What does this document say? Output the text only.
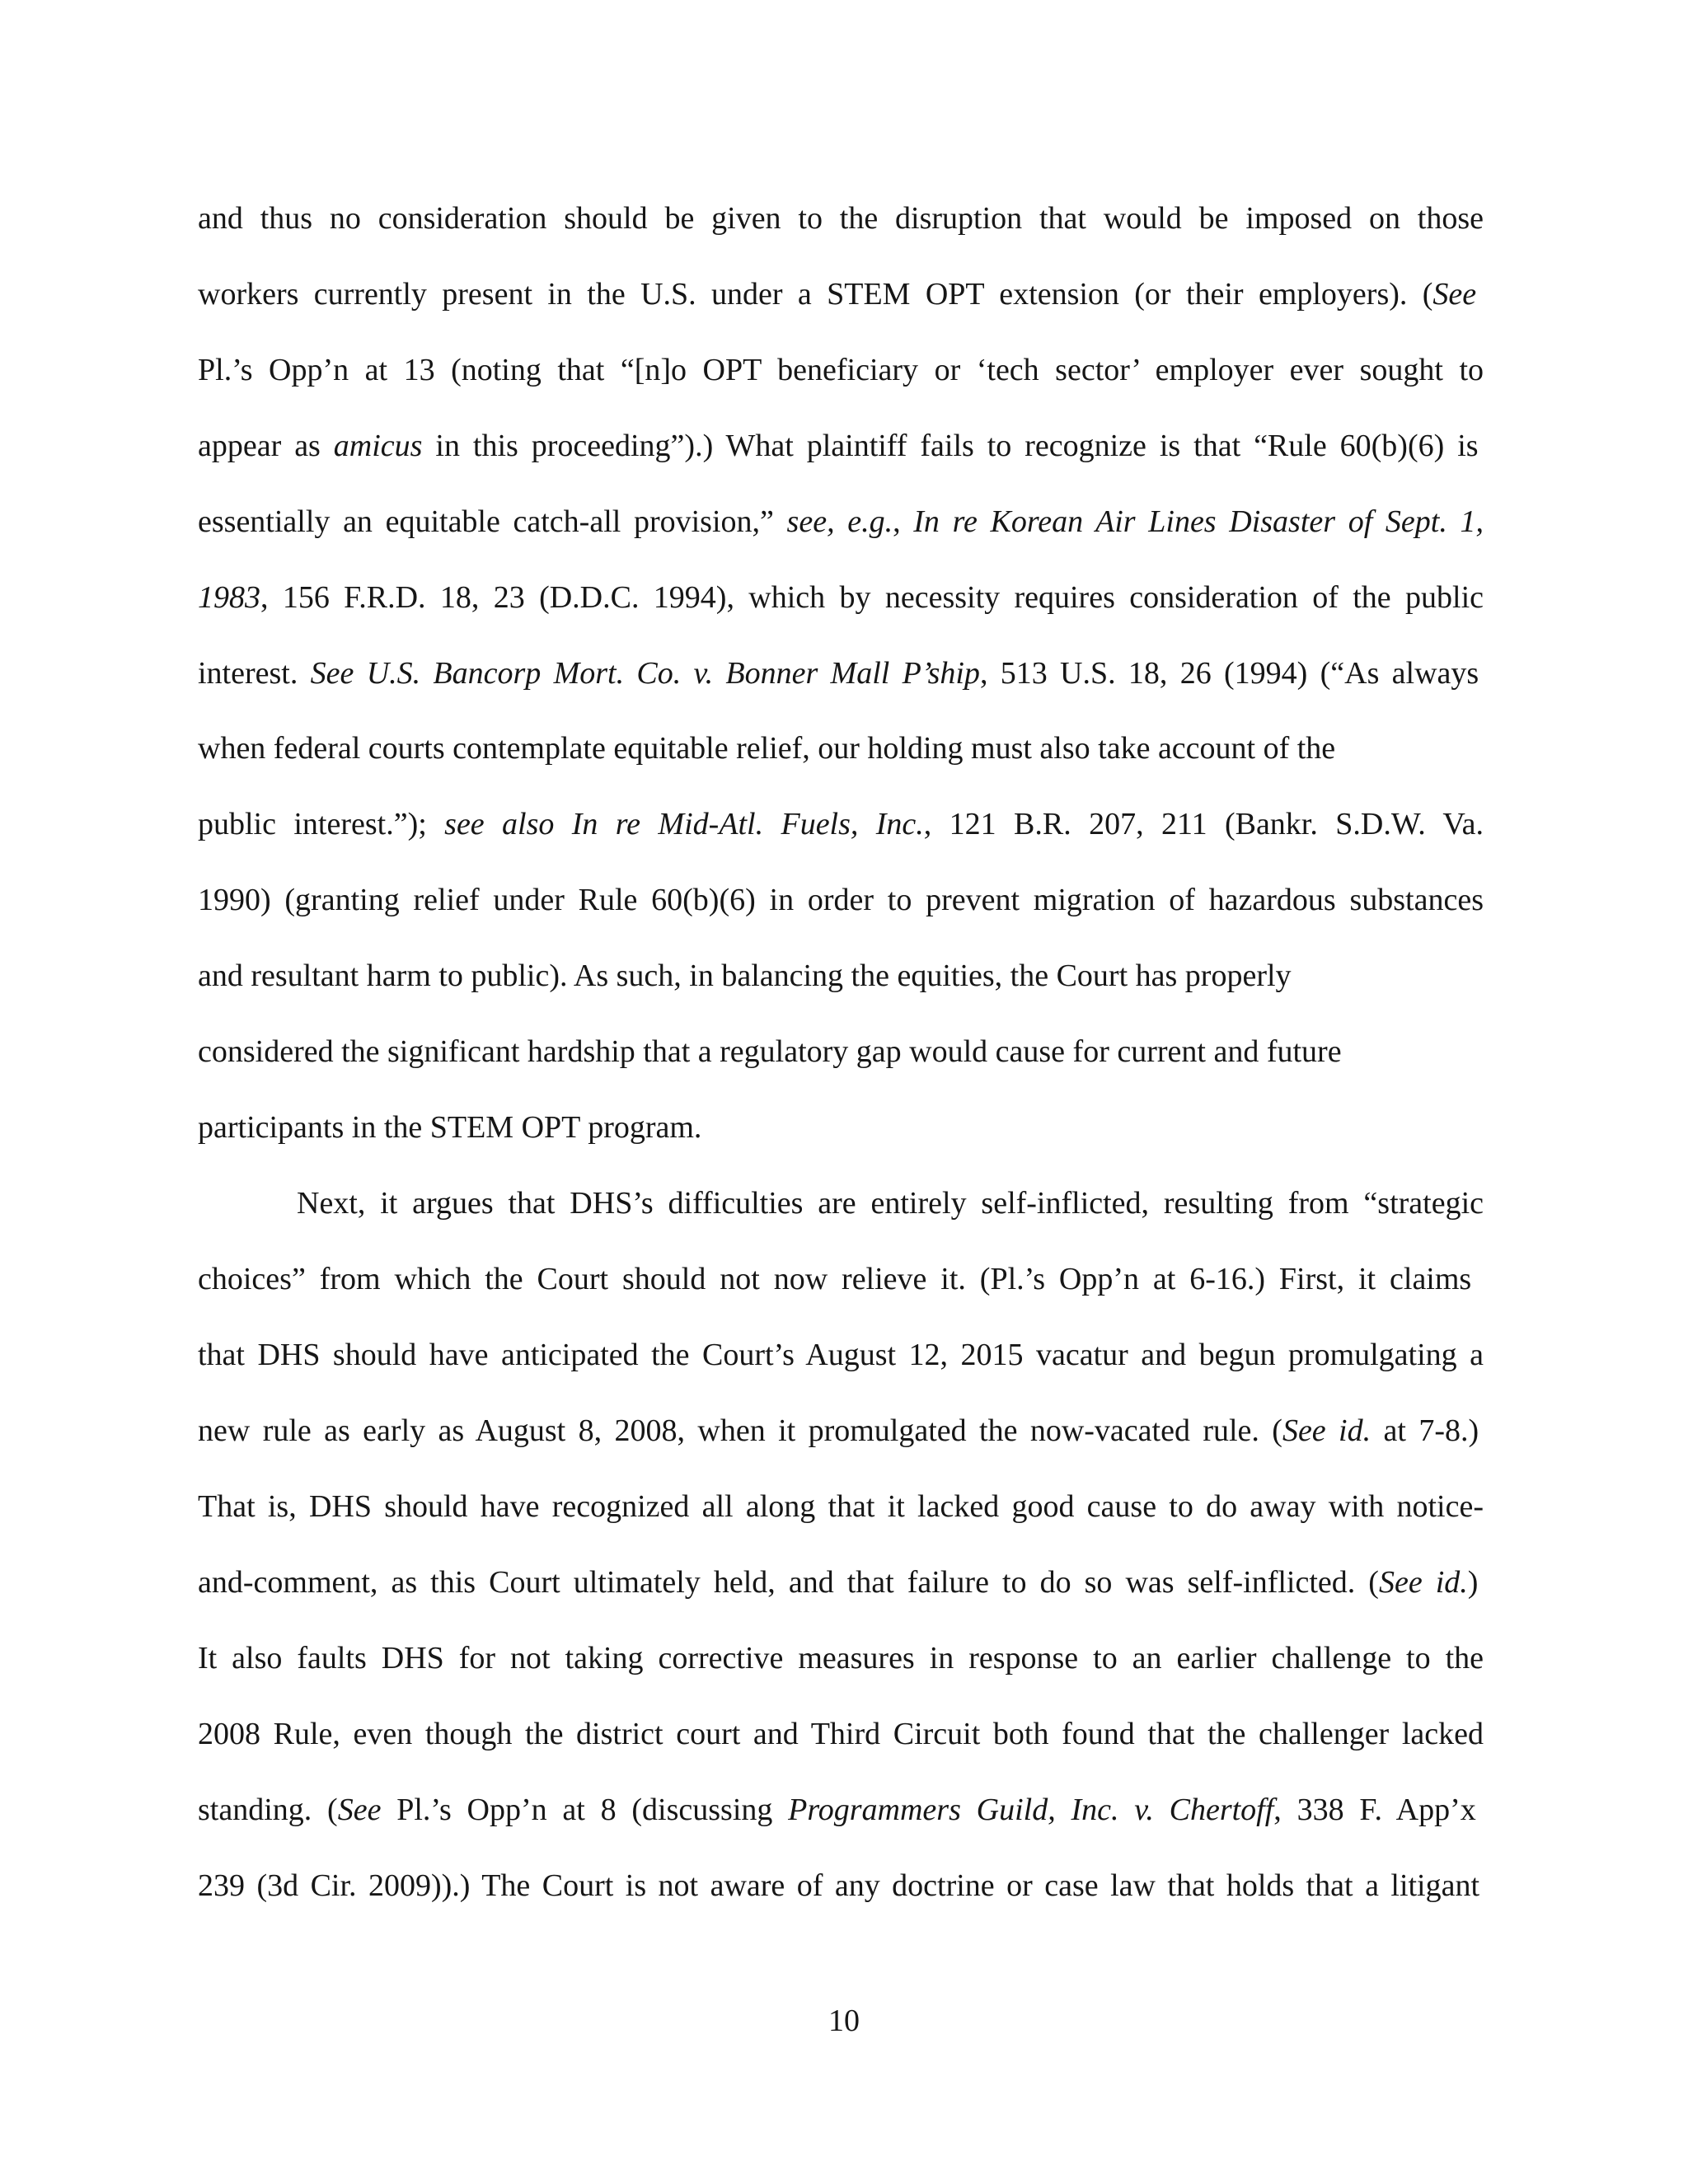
and thus no consideration should be given to the disruption that would be imposed on those
workers currently present in the U.S. under a STEM OPT extension (or their employers). (See
Pl.’s Opp’n at 13 (noting that “[n]o OPT beneficiary or ‘tech sector’ employer ever sought to
appear as amicus in this proceeding”).) What plaintiff fails to recognize is that “Rule 60(b)(6) is
essentially an equitable catch-all provision,” see, e.g., In re Korean Air Lines Disaster of Sept. 1,
1983, 156 F.R.D. 18, 23 (D.D.C. 1994), which by necessity requires consideration of the public
interest. See U.S. Bancorp Mort. Co. v. Bonner Mall P’ship, 513 U.S. 18, 26 (1994) (“As always
when federal courts contemplate equitable relief, our holding must also take account of the
public interest.”); see also In re Mid-Atl. Fuels, Inc., 121 B.R. 207, 211 (Bankr. S.D.W. Va.
1990) (granting relief under Rule 60(b)(6) in order to prevent migration of hazardous substances
and resultant harm to public). As such, in balancing the equities, the Court has properly
considered the significant hardship that a regulatory gap would cause for current and future
participants in the STEM OPT program.
Next, it argues that DHS’s difficulties are entirely self-inflicted, resulting from “strategic
choices” from which the Court should not now relieve it. (Pl.’s Opp’n at 6-16.) First, it claims
that DHS should have anticipated the Court’s August 12, 2015 vacatur and begun promulgating a
new rule as early as August 8, 2008, when it promulgated the now-vacated rule. (See id. at 7-8.)
That is, DHS should have recognized all along that it lacked good cause to do away with notice-
and-comment, as this Court ultimately held, and that failure to do so was self-inflicted. (See id.)
It also faults DHS for not taking corrective measures in response to an earlier challenge to the
2008 Rule, even though the district court and Third Circuit both found that the challenger lacked
standing. (See Pl.’s Opp’n at 8 (discussing Programmers Guild, Inc. v. Chertoff, 338 F. App’x
239 (3d Cir. 2009)).) The Court is not aware of any doctrine or case law that holds that a litigant
10
